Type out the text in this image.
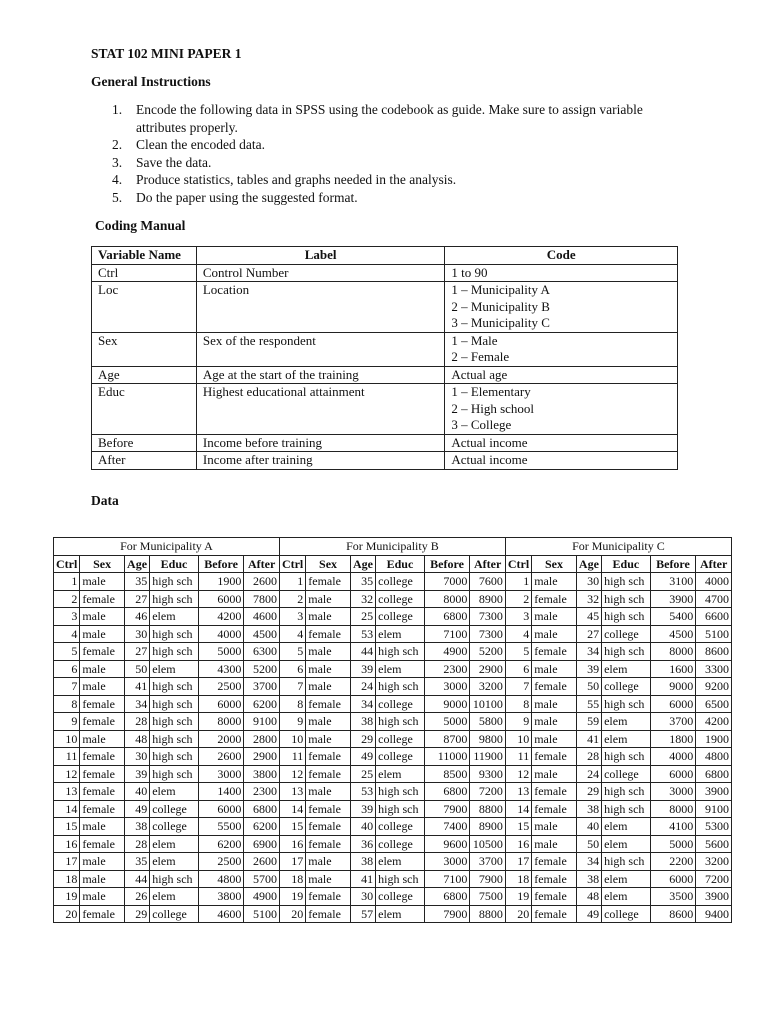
STAT 102 MINI PAPER 1
General Instructions
1. Encode the following data in SPSS using the codebook as guide. Make sure to assign variable attributes properly.
2. Clean the encoded data.
3. Save the data.
4. Produce statistics, tables and graphs needed in the analysis.
5. Do the paper using the suggested format.
Coding Manual
Variable Name	Label	Code
Ctrl	Control Number	1 to 90

Loc	Location	1 – Municipality A
2 – Municipality B
3 – Municipality C

Sex	Sex of the respondent	1 – Male
2 – Female

Age	Age at the start of the training	Actual age

Educ	Highest educational attainment	1 – Elementary
2 – High school
3 – College

Before	Income before training	Actual income

After	Income after training	Actual income
Data
For Municipality A						For Municipality B						For Municipality C					
Ctrl	Sex	Age	Educ	Before	After	Ctrl	Sex	Age	Educ	Before	After	Ctrl	Sex	Age	Educ	Before	After
1	male	35	high sch	1900	2600	1	female	35	college	7000	7600	1	male	30	high sch	3100	4000
2	female	27	high sch	6000	7800	2	male	32	college	8000	8900	2	female	32	high sch	3900	4700
3	male	46	elem	4200	4600	3	male	25	college	6800	7300	3	male	45	high sch	5400	6600
4	male	30	high sch	4000	4500	4	female	53	elem	7100	7300	4	male	27	college	4500	5100
5	female	27	high sch	5000	6300	5	male	44	high sch	4900	5200	5	female	34	high sch	8000	8600
6	male	50	elem	4300	5200	6	male	39	elem	2300	2900	6	male	39	elem	1600	3300
7	male	41	high sch	2500	3700	7	male	24	high sch	3000	3200	7	female	50	college	9000	9200
8	female	34	high sch	6000	6200	8	female	34	college	9000	10100	8	male	55	high sch	6000	6500
9	female	28	high sch	8000	9100	9	male	38	high sch	5000	5800	9	male	59	elem	3700	4200
10	male	48	high sch	2000	2800	10	male	29	college	8700	9800	10	male	41	elem	1800	1900
11	female	30	high sch	2600	2900	11	female	49	college	11000	11900	11	female	28	high sch	4000	4800
12	female	39	high sch	3000	3800	12	female	25	elem	8500	9300	12	male	24	college	6000	6800
13	female	40	elem	1400	2300	13	male	53	high sch	6800	7200	13	female	29	high sch	3000	3900
14	female	49	college	6000	6800	14	female	39	high sch	7900	8800	14	female	38	high sch	8000	9100
15	male	38	college	5500	6200	15	female	40	college	7400	8900	15	male	40	elem	4100	5300
16	female	28	elem	6200	6900	16	female	36	college	9600	10500	16	male	50	elem	5000	5600
17	male	35	elem	2500	2600	17	male	38	elem	3000	3700	17	female	34	high sch	2200	3200
18	male	44	high sch	4800	5700	18	male	41	high sch	7100	7900	18	female	38	elem	6000	7200
19	male	26	elem	3800	4900	19	female	30	college	6800	7500	19	female	48	elem	3500	3900
20	female	29	college	4600	5100	20	female	57	elem	7900	8800	20	female	49	college	8600	9400
